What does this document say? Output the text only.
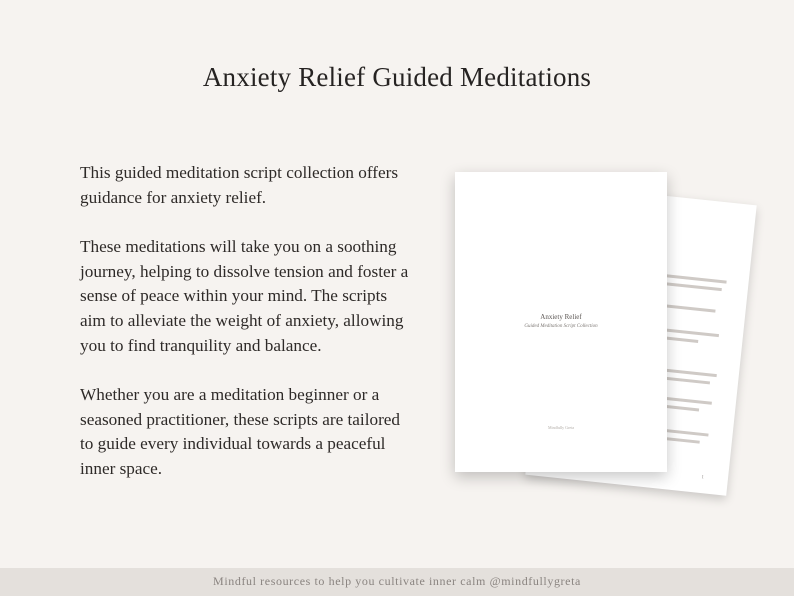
Anxiety Relief Guided Meditations

This guided meditation script collection offers guidance for anxiety relief.

These meditations will take you on a soothing journey, helping to dissolve tension and foster a sense of peace within your mind. The scripts aim to alleviate the weight of anxiety, allowing you to find tranquility and balance.

Whether you are a meditation beginner or a seasoned practitioner, these scripts are tailored to guide every individual towards a peaceful inner space.	1
Anxiety Relief
Guided Meditation Script Collection
Mindfully Greta
Mindful resources to help you cultivate inner calm @mindfullygreta
